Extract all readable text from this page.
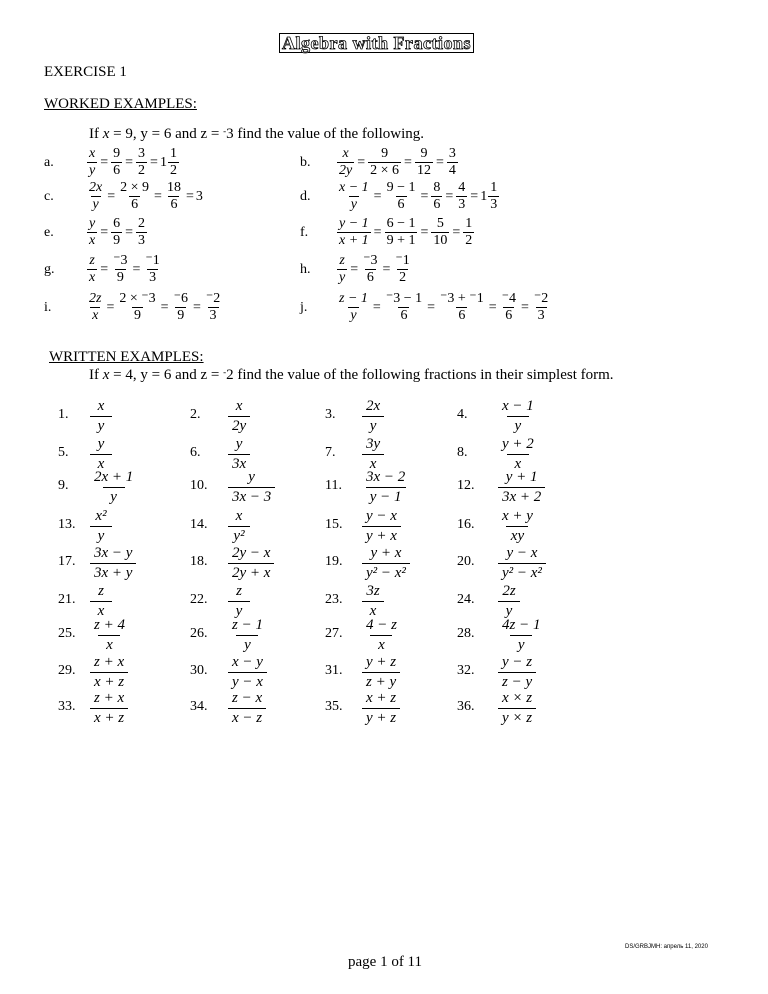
Algebra with Fractions
EXERCISE 1
WORKED EXAMPLES:
If x = 9, y = 6 and z = -3 find the value of the following.
a. $\frac{x}{y} = \frac{9}{6} = \frac{3}{2} = 1 \frac{1}{2}$	b. $\frac{x}{2y} = \frac{9}{2 \times 6} = \frac{9}{12} = \frac{3}{4}$
c. $\frac{2x}{y} = \frac{2 \times 9}{6} = \frac{18}{6} = 3$	d. $\frac{x - 1}{y} = \frac{9 - 1}{6} = \frac{8}{6} = \frac{4}{3} = 1 \frac{1}{3}$
e. $\frac{y}{x} = \frac{6}{9} = \frac{2}{3}$	f. $\frac{y - 1}{x + 1} = \frac{6 - 1}{9 + 1} = \frac{5}{10} = \frac{1}{2}$
g. $\frac{z}{x} = \frac{^-3}{9} = \frac{^-1}{3}$	h. $\frac{z}{y} = \frac{^-3}{6} = \frac{^-1}{2}$
i.	$\frac{2z}{x} = \frac{2 \times ^-3}{9} = \frac{^-6}{9} = \frac{^-2}{3}$	j. $\frac{z - 1}{y} = \frac{^-3 - 1}{6} = \frac{^-3 + ^-1}{6} = \frac{^-4}{6} = \frac{^-2}{3}$
WRITTEN EXAMPLES:
If x = 4, y = 6 and z = -2 find the value of the following fractions in their simplest form.
1. $\frac{x}{y}$	2. $\frac{x}{2y}$	3. $\frac{2x}{y}$	4. $\frac{x - 1}{y}$
5. $\frac{y}{x}$	6. $\frac{y}{3x}$	7. $\frac{3y}{x}$	8. $\frac{y + 2}{x}$
9. $\frac{2x + 1}{y}$	10. $\frac{y}{3x - 3}$	11. $\frac{3x - 2}{y - 1}$	12. $\frac{y + 1}{3x + 2}$
13. $\frac{\text{x²}}{y}$	14. $\frac{x}{\text{y²}}$	15. $\frac{y - x}{y + x}$	16. $\frac{x + y}{xy}$
17. $\frac{3x - y}{3x + y}$	18. $\frac{2y - x}{2y + x}$	19. $\frac{y + x}{\text{y² − x²}}$	20. $\frac{y - x}{\text{y² − x²}}$
21. $\frac{z}{x}$	22. $\frac{z}{y}$	23. $\frac{3z}{x}$	24. $\frac{2z}{y}$
25. $\frac{z + 4}{x}$	26. $\frac{z - 1}{y}$	27. $\frac{4 - z}{x}$	28. $\frac{4z - 1}{y}$
29. $\frac{z + x}{x + z}$	30. $\frac{x - y}{y - x}$	31. $\frac{y + z}{z + y}$	32. $\frac{y - z}{z - y}$
33. $\frac{z + x}{x + z}$	34. $\frac{z - x}{x - z}$	35. $\frac{x + z}{y + z}$	36. $\frac{x \times z}{y \times z}$
DS/GRBJMH: апрель 11, 2020
page 1 of 11
